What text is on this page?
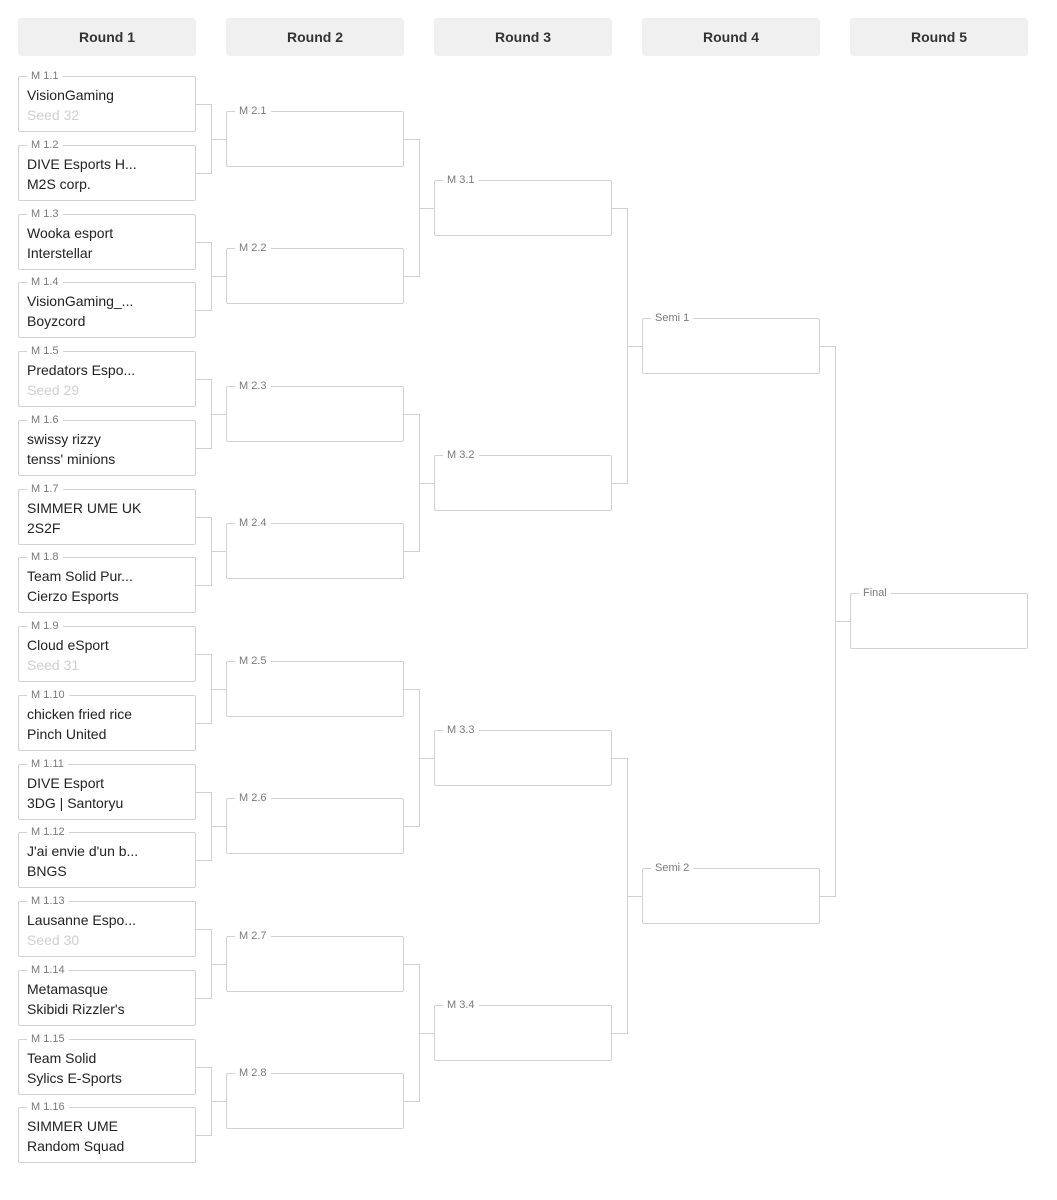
Round 1	Round 2	Round 3	Round 4	Round 5
M 1.1
VisionGaming
Seed 32
M 1.2
DIVE Esports H...
M2S corp.
M 1.3
Wooka esport
Interstellar
M 1.4
VisionGaming_...
Boyzcord
M 1.5
Predators Espo...
Seed 29
M 1.6
swissy rizzy
tenss' minions
M 1.7
SIMMER UME UK
2S2F
M 1.8
Team Solid Pur...
Cierzo Esports
M 1.9
Cloud eSport
Seed 31
M 1.10
chicken fried rice
Pinch United
M 1.11
DIVE Esport
3DG | Santoryu
M 1.12
J'ai envie d'un b...
BNGS
M 1.13
Lausanne Espo...
Seed 30
M 1.14
Metamasque
Skibidi Rizzler's
M 1.15
Team Solid
Sylics E-Sports
M 1.16
SIMMER UME
Random Squad
M 2.1
M 2.2
M 2.3
M 2.4
M 2.5
M 2.6
M 2.7
M 2.8
M 3.1
M 3.2
M 3.3
M 3.4
Semi 1
Semi 2
Final
